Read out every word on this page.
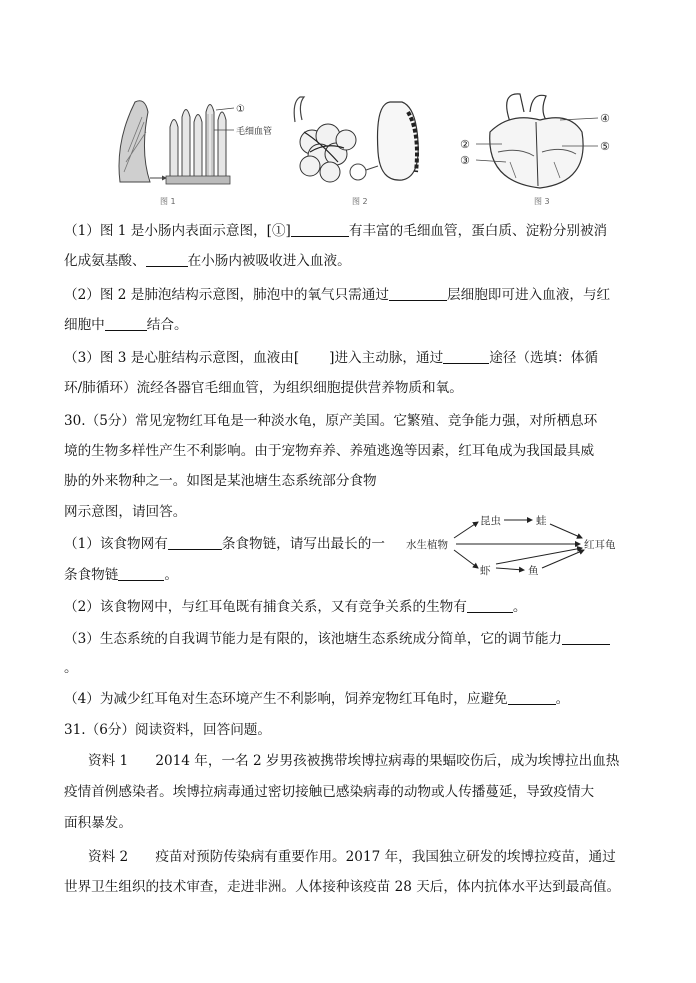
①
毛细血管
图 1	图 2
②
③
④
⑤
图 3
（1）图 1 是小肠内表面示意图，[①]	有丰富的毛细血管，蛋白质、淀粉分别被消
化成氨基酸、	在小肠内被吸收进入血液。
（2）图 2 是肺泡结构示意图，肺泡中的氧气只需通过	层细胞即可进入血液，与红
细胞中	结合。
（3）图 3 是心脏结构示意图，血液由[ ]进入主动脉，通过	途径（选填：体循
环/肺循环）流经各器官毛细血管，为组织细胞提供营养物质和氧。
30.（5分）常见宠物红耳龟是一种淡水龟，原产美国。它繁殖、竞争能力强，对所栖息环
境的生物多样性产生不利影响。由于宠物弃养、养殖逃逸等因素，红耳龟成为我国最具威
胁的外来物种之一。如图是某池塘生态系统部分食物
网示意图，请回答。
水生植物
昆虫	蛙
红耳龟
虾	鱼
（1）该食物网有	条食物链，请写出最长的一
条食物链	。
（2）该食物网中，与红耳龟既有捕食关系，又有竞争关系的生物有	。
（3）生态系统的自我调节能力是有限的，该池塘生态系统成分简单，它的调节能力
。
（4）为减少红耳龟对生态环境产生不利影响，饲养宠物红耳龟时，应避免	。
31.（6分）阅读资料，回答问题。
资料 1　　2014 年，一名 2 岁男孩被携带埃博拉病毒的果蝠咬伤后，成为埃博拉出血热
疫情首例感染者。埃博拉病毒通过密切接触已感染病毒的动物或人传播蔓延，导致疫情大
面积暴发。
资料 2　　疫苗对预防传染病有重要作用。2017 年，我国独立研发的埃博拉疫苗，通过
世界卫生组织的技术审查，走进非洲。人体接种该疫苗 28 天后，体内抗体水平达到最高值。
